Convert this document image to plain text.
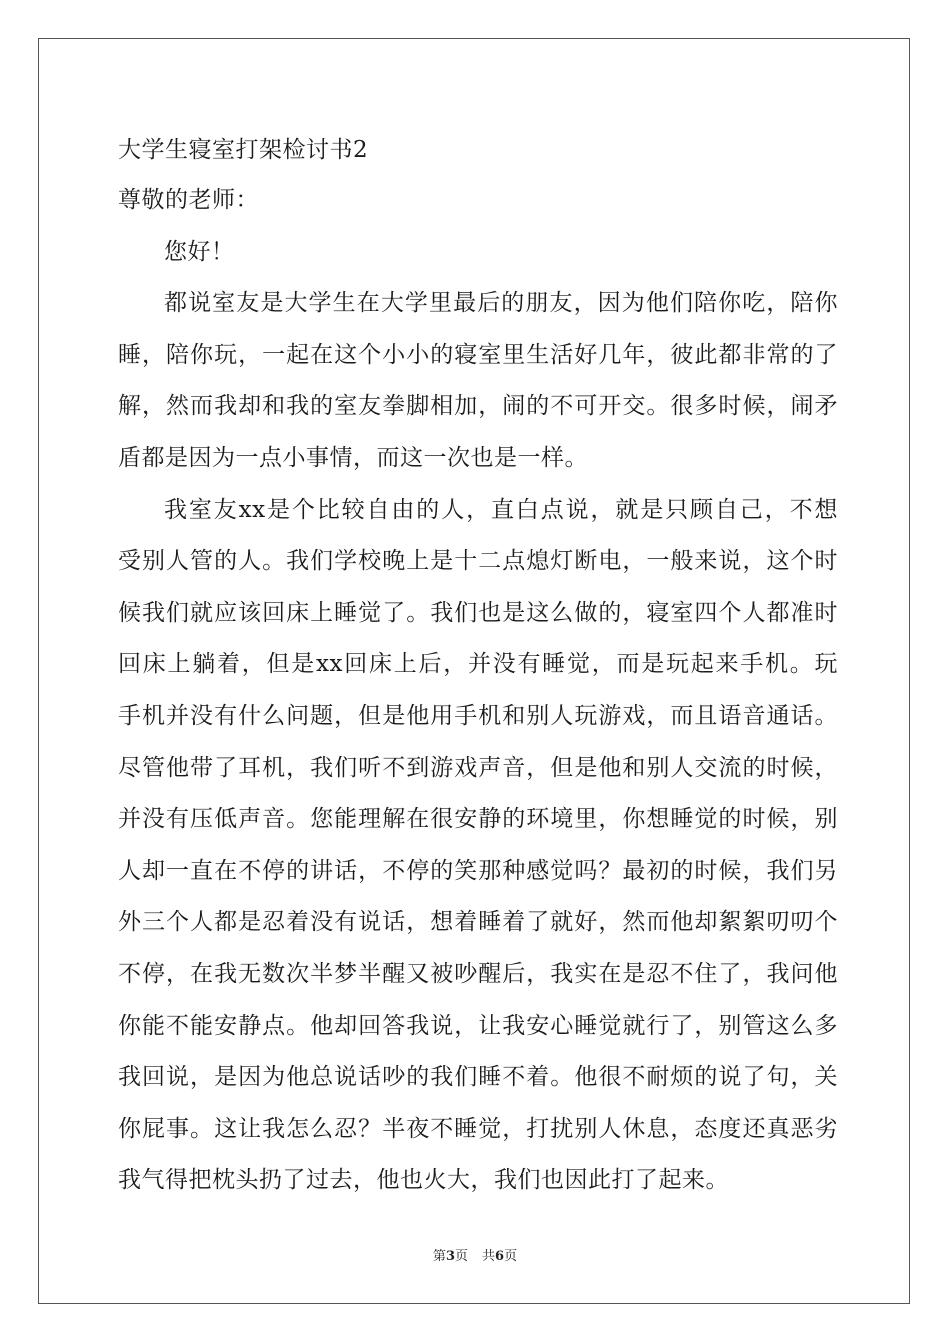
大学生寝室打架检讨书2
尊敬的老师：
您好！
都说室友是大学生在大学里最后的朋友，因为他们陪你吃，陪你
睡，陪你玩，一起在这个小小的寝室里生活好几年，彼此都非常的了
解，然而我却和我的室友拳脚相加，闹的不可开交。很多时候，闹矛
盾都是因为一点小事情，而这一次也是一样。
我室友xx是个比较自由的人，直白点说，就是只顾自己，不想
受别人管的人。我们学校晚上是十二点熄灯断电，一般来说，这个时
候我们就应该回床上睡觉了。我们也是这么做的，寝室四个人都准时
回床上躺着，但是xx回床上后，并没有睡觉，而是玩起来手机。玩
手机并没有什么问题，但是他用手机和别人玩游戏，而且语音通话。
尽管他带了耳机，我们听不到游戏声音，但是他和别人交流的时候，
并没有压低声音。您能理解在很安静的环境里，你想睡觉的时候，别
人却一直在不停的讲话，不停的笑那种感觉吗？最初的时候，我们另
外三个人都是忍着没有说话，想着睡着了就好，然而他却絮絮叨叨个
不停，在我无数次半梦半醒又被吵醒后，我实在是忍不住了，我问他
你能不能安静点。他却回答我说，让我安心睡觉就行了，别管这么多
我回说，是因为他总说话吵的我们睡不着。他很不耐烦的说了句，关
你屁事。这让我怎么忍？半夜不睡觉，打扰别人休息，态度还真恶劣
我气得把枕头扔了过去，他也火大，我们也因此打了起来。
第3页 共6页
